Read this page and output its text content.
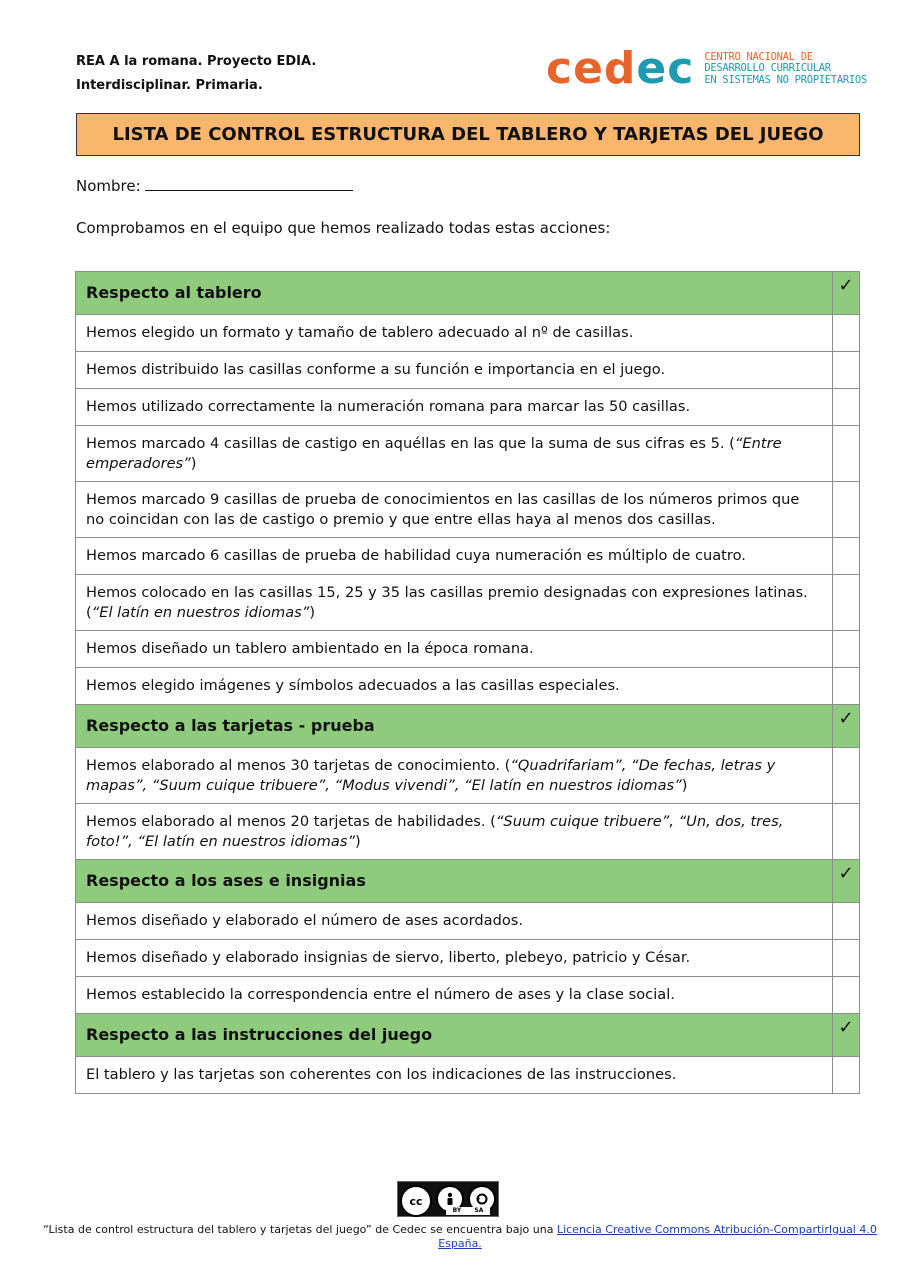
REA A la romana. Proyecto EDIA.
Interdisciplinar. Primaria.	cedec CENTRO NACIONAL DE
DESARROLLO CURRICULAR
EN SISTEMAS NO PROPIETARIOS
LISTA DE CONTROL ESTRUCTURA DEL TABLERO Y TARJETAS DEL JUEGO
Nombre:
Comprobamos en el equipo que hemos realizado todas estas acciones:
Respecto al tablero	✓
Hemos elegido un formato y tamaño de tablero adecuado al nº de casillas.	
Hemos distribuido las casillas conforme a su función e importancia en el juego.	
Hemos utilizado correctamente la numeración romana para marcar las 50 casillas.	
Hemos marcado 4 casillas de castigo en aquéllas en las que la suma de sus cifras es 5. (“Entre emperadores”)	
Hemos marcado 9 casillas de prueba de conocimientos en las casillas de los números primos que no coincidan con las de castigo o premio y que entre ellas haya al menos dos casillas.	
Hemos marcado 6 casillas de prueba de habilidad cuya numeración es múltiplo de cuatro.	
Hemos colocado en las casillas 15, 25 y 35 las casillas premio designadas con expresiones latinas.(“El latín en nuestros idiomas”)	
Hemos diseñado un tablero ambientado en la época romana.	
Hemos elegido imágenes y símbolos adecuados a las casillas especiales.	
Respecto a las tarjetas - prueba	✓
Hemos elaborado al menos 30 tarjetas de conocimiento. (“Quadrifariam”, “De fechas, letras y mapas”, “Suum cuique tribuere”, “Modus vivendi”, “El latín en nuestros idiomas”)	
Hemos elaborado al menos 20 tarjetas de habilidades. (“Suum cuique tribuere”, “Un, dos, tres, foto!”, “El latín en nuestros idiomas”)	
Respecto a los ases e insignias	✓
Hemos diseñado y elaborado el número de ases acordados.	
Hemos diseñado y elaborado insignias de siervo, liberto, plebeyo, patricio y César.	
Hemos establecido la correspondencia entre el número de ases y la clase social.	
Respecto a las instrucciones del juego	✓
El tablero y las tarjetas son coherentes con los indicaciones de las instrucciones.	
cc
BY SA
“Lista de control estructura del tablero y tarjetas del juego” de Cedec se encuentra bajo una Licencia Creative Commons Atribución-CompartirIgual 4.0 España.
